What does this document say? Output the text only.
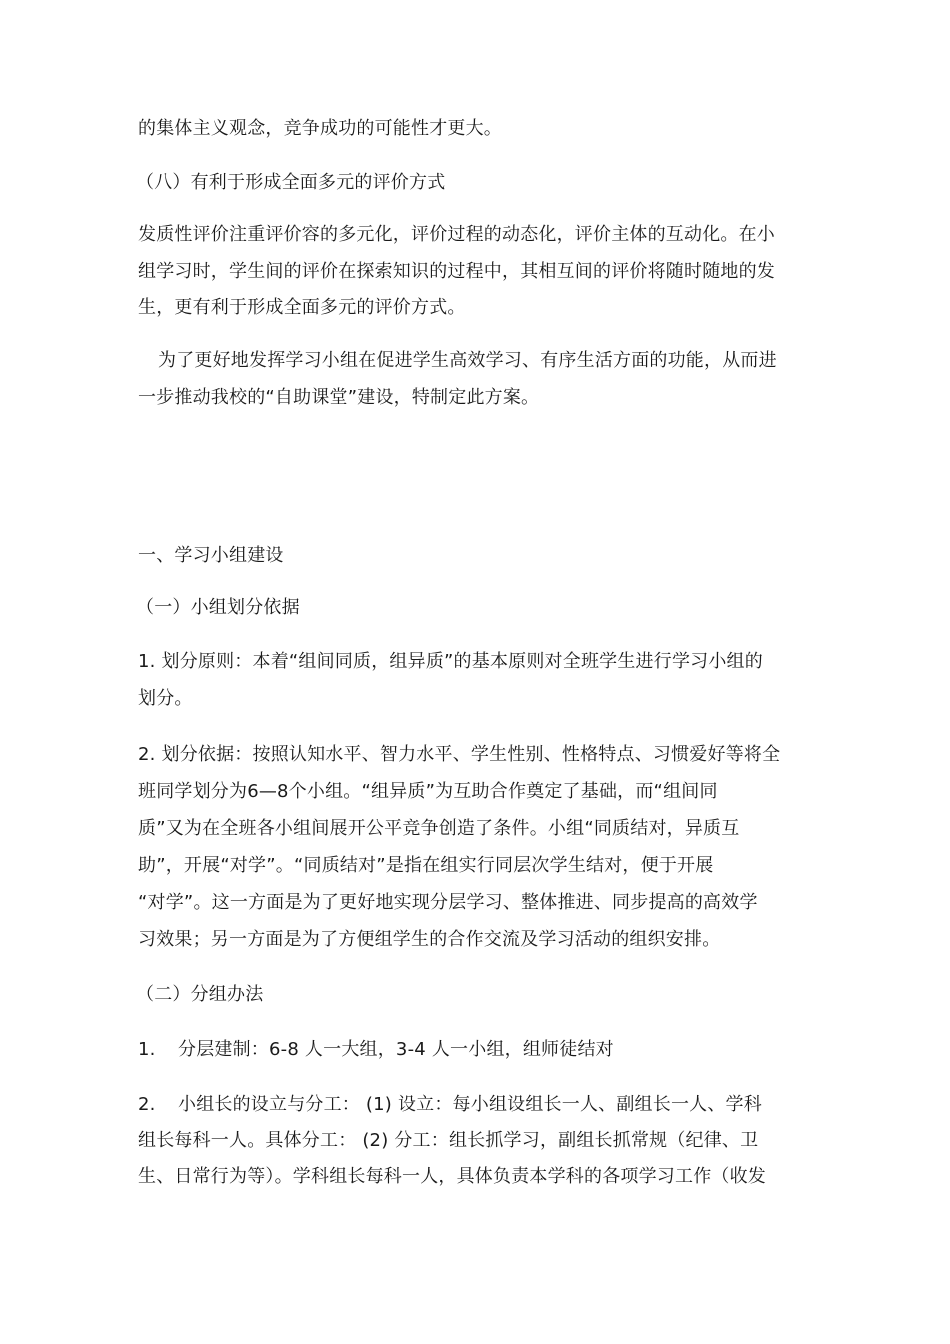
的集体主义观念，竞争成功的可能性才更大。
（八）有利于形成全面多元的评价方式
发质性评价注重评价容的多元化，评价过程的动态化，评价主体的互动化。在小
组学习时，学生间的评价在探索知识的过程中，其相互间的评价将随时随地的发
生，更有利于形成全面多元的评价方式。
为了更好地发挥学习小组在促进学生高效学习、有序生活方面的功能，从而进
一步推动我校的“自助课堂”建设，特制定此方案。
一、学习小组建设
（一）小组划分依据
1. 划分原则：本着“组间同质，组异质”的基本原则对全班学生进行学习小组的
划分。
2. 划分依据：按照认知水平、智力水平、学生性别、性格特点、习惯爱好等将全
班同学划分为6—8个小组。“组异质”为互助合作奠定了基础，而“组间同
质”又为在全班各小组间展开公平竞争创造了条件。小组“同质结对，异质互
助”，开展“对学”。“同质结对”是指在组实行同层次学生结对，便于开展
“对学”。这一方面是为了更好地实现分层学习、整体推进、同步提高的高效学
习效果；另一方面是为了方便组学生的合作交流及学习活动的组织安排。
（二）分组办法
1. 分层建制：6-8 人一大组，3-4 人一小组，组师徒结对
2. 小组长的设立与分工： (1) 设立：每小组设组长一人、副组长一人、学科
组长每科一人。具体分工： (2) 分工：组长抓学习，副组长抓常规（纪律、卫
生、日常行为等）。学科组长每科一人，具体负责本学科的各项学习工作（收发
